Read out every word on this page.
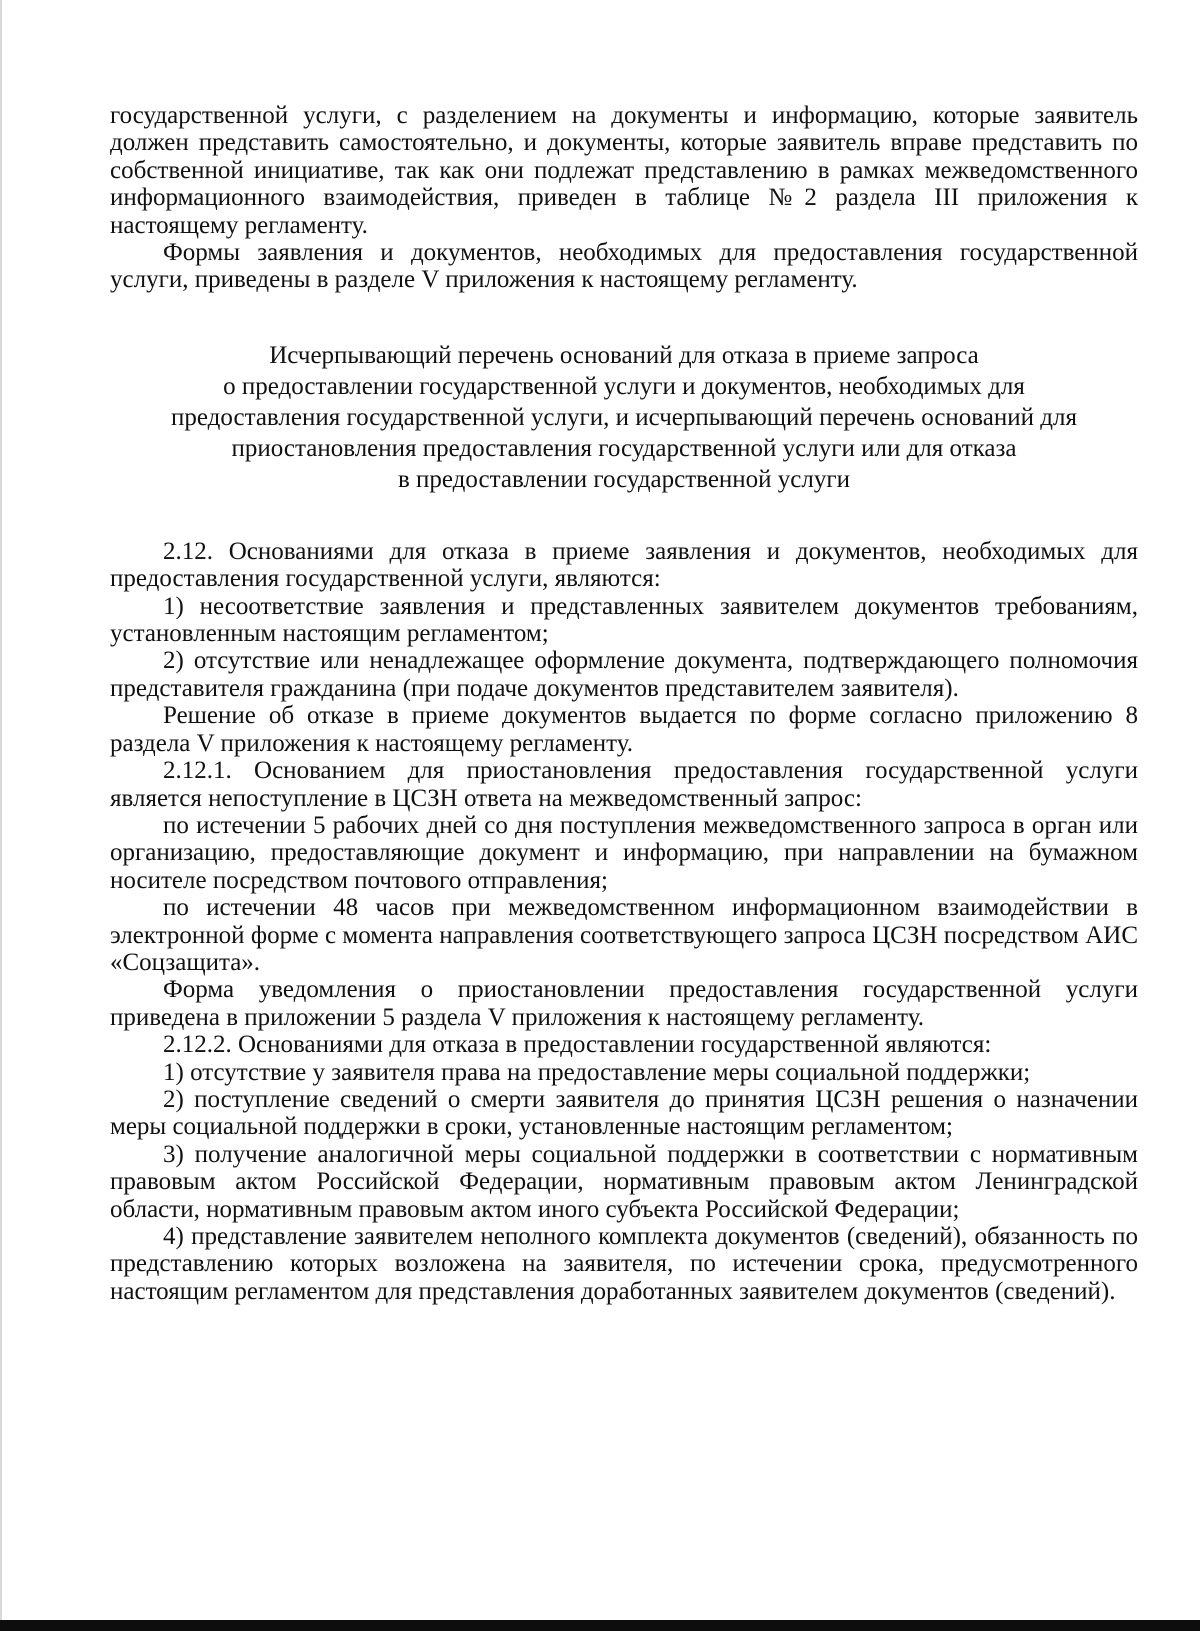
государственной услуги, с разделением на документы и информацию, которые заявитель должен представить самостоятельно, и документы, которые заявитель вправе представить по собственной инициативе, так как они подлежат представлению в рамках межведомственного информационного взаимодействия, приведен в таблице №2 раздела III приложения к настоящему регламенту.

Формы заявления и документов, необходимых для предоставления государственной услуги, приведены в разделе V приложения к настоящему регламенту.

Исчерпывающий перечень оснований для отказа в приеме запроса

о предоставлении государственной услуги и документов, необходимых для

предоставления государственной услуги, и исчерпывающий перечень оснований для

приостановления предоставления государственной услуги или для отказа

в предоставлении государственной услуги

2.12. Основаниями для отказа в приеме заявления и документов, необходимых для предоставления государственной услуги, являются:

1) несоответствие заявления и представленных заявителем документов требованиям, установленным настоящим регламентом;

2) отсутствие или ненадлежащее оформление документа, подтверждающего полномочия представителя гражданина (при подаче документов представителем заявителя).

Решение об отказе в приеме документов выдается по форме согласно приложению 8 раздела V приложения к настоящему регламенту.

2.12.1. Основанием для приостановления предоставления государственной услуги является непоступление в ЦСЗН ответа на межведомственный запрос:

по истечении 5 рабочих дней со дня поступления межведомственного запроса в орган или организацию, предоставляющие документ и информацию, при направлении на бумажном носителе посредством почтового отправления;

по истечении 48 часов при межведомственном информационном взаимодействии в электронной форме с момента направления соответствующего запроса ЦСЗН посредством АИС «Соцзащита».

Форма уведомления о приостановлении предоставления государственной услуги приведена в приложении 5 раздела V приложения к настоящему регламенту.

2.12.2. Основаниями для отказа в предоставлении государственной являются:

1) отсутствие у заявителя права на предоставление меры социальной поддержки;

2) поступление сведений о смерти заявителя до принятия ЦСЗН решения о назначении меры социальной поддержки в сроки, установленные настоящим регламентом;

3) получение аналогичной меры социальной поддержки в соответствии с нормативным правовым актом Российской Федерации, нормативным правовым актом Ленинградской области, нормативным правовым актом иного субъекта Российской Федерации;

4) представление заявителем неполного комплекта документов (сведений), обязанность по представлению которых возложена на заявителя, по истечении срока, предусмотренного настоящим регламентом для представления доработанных заявителем документов (сведений).
